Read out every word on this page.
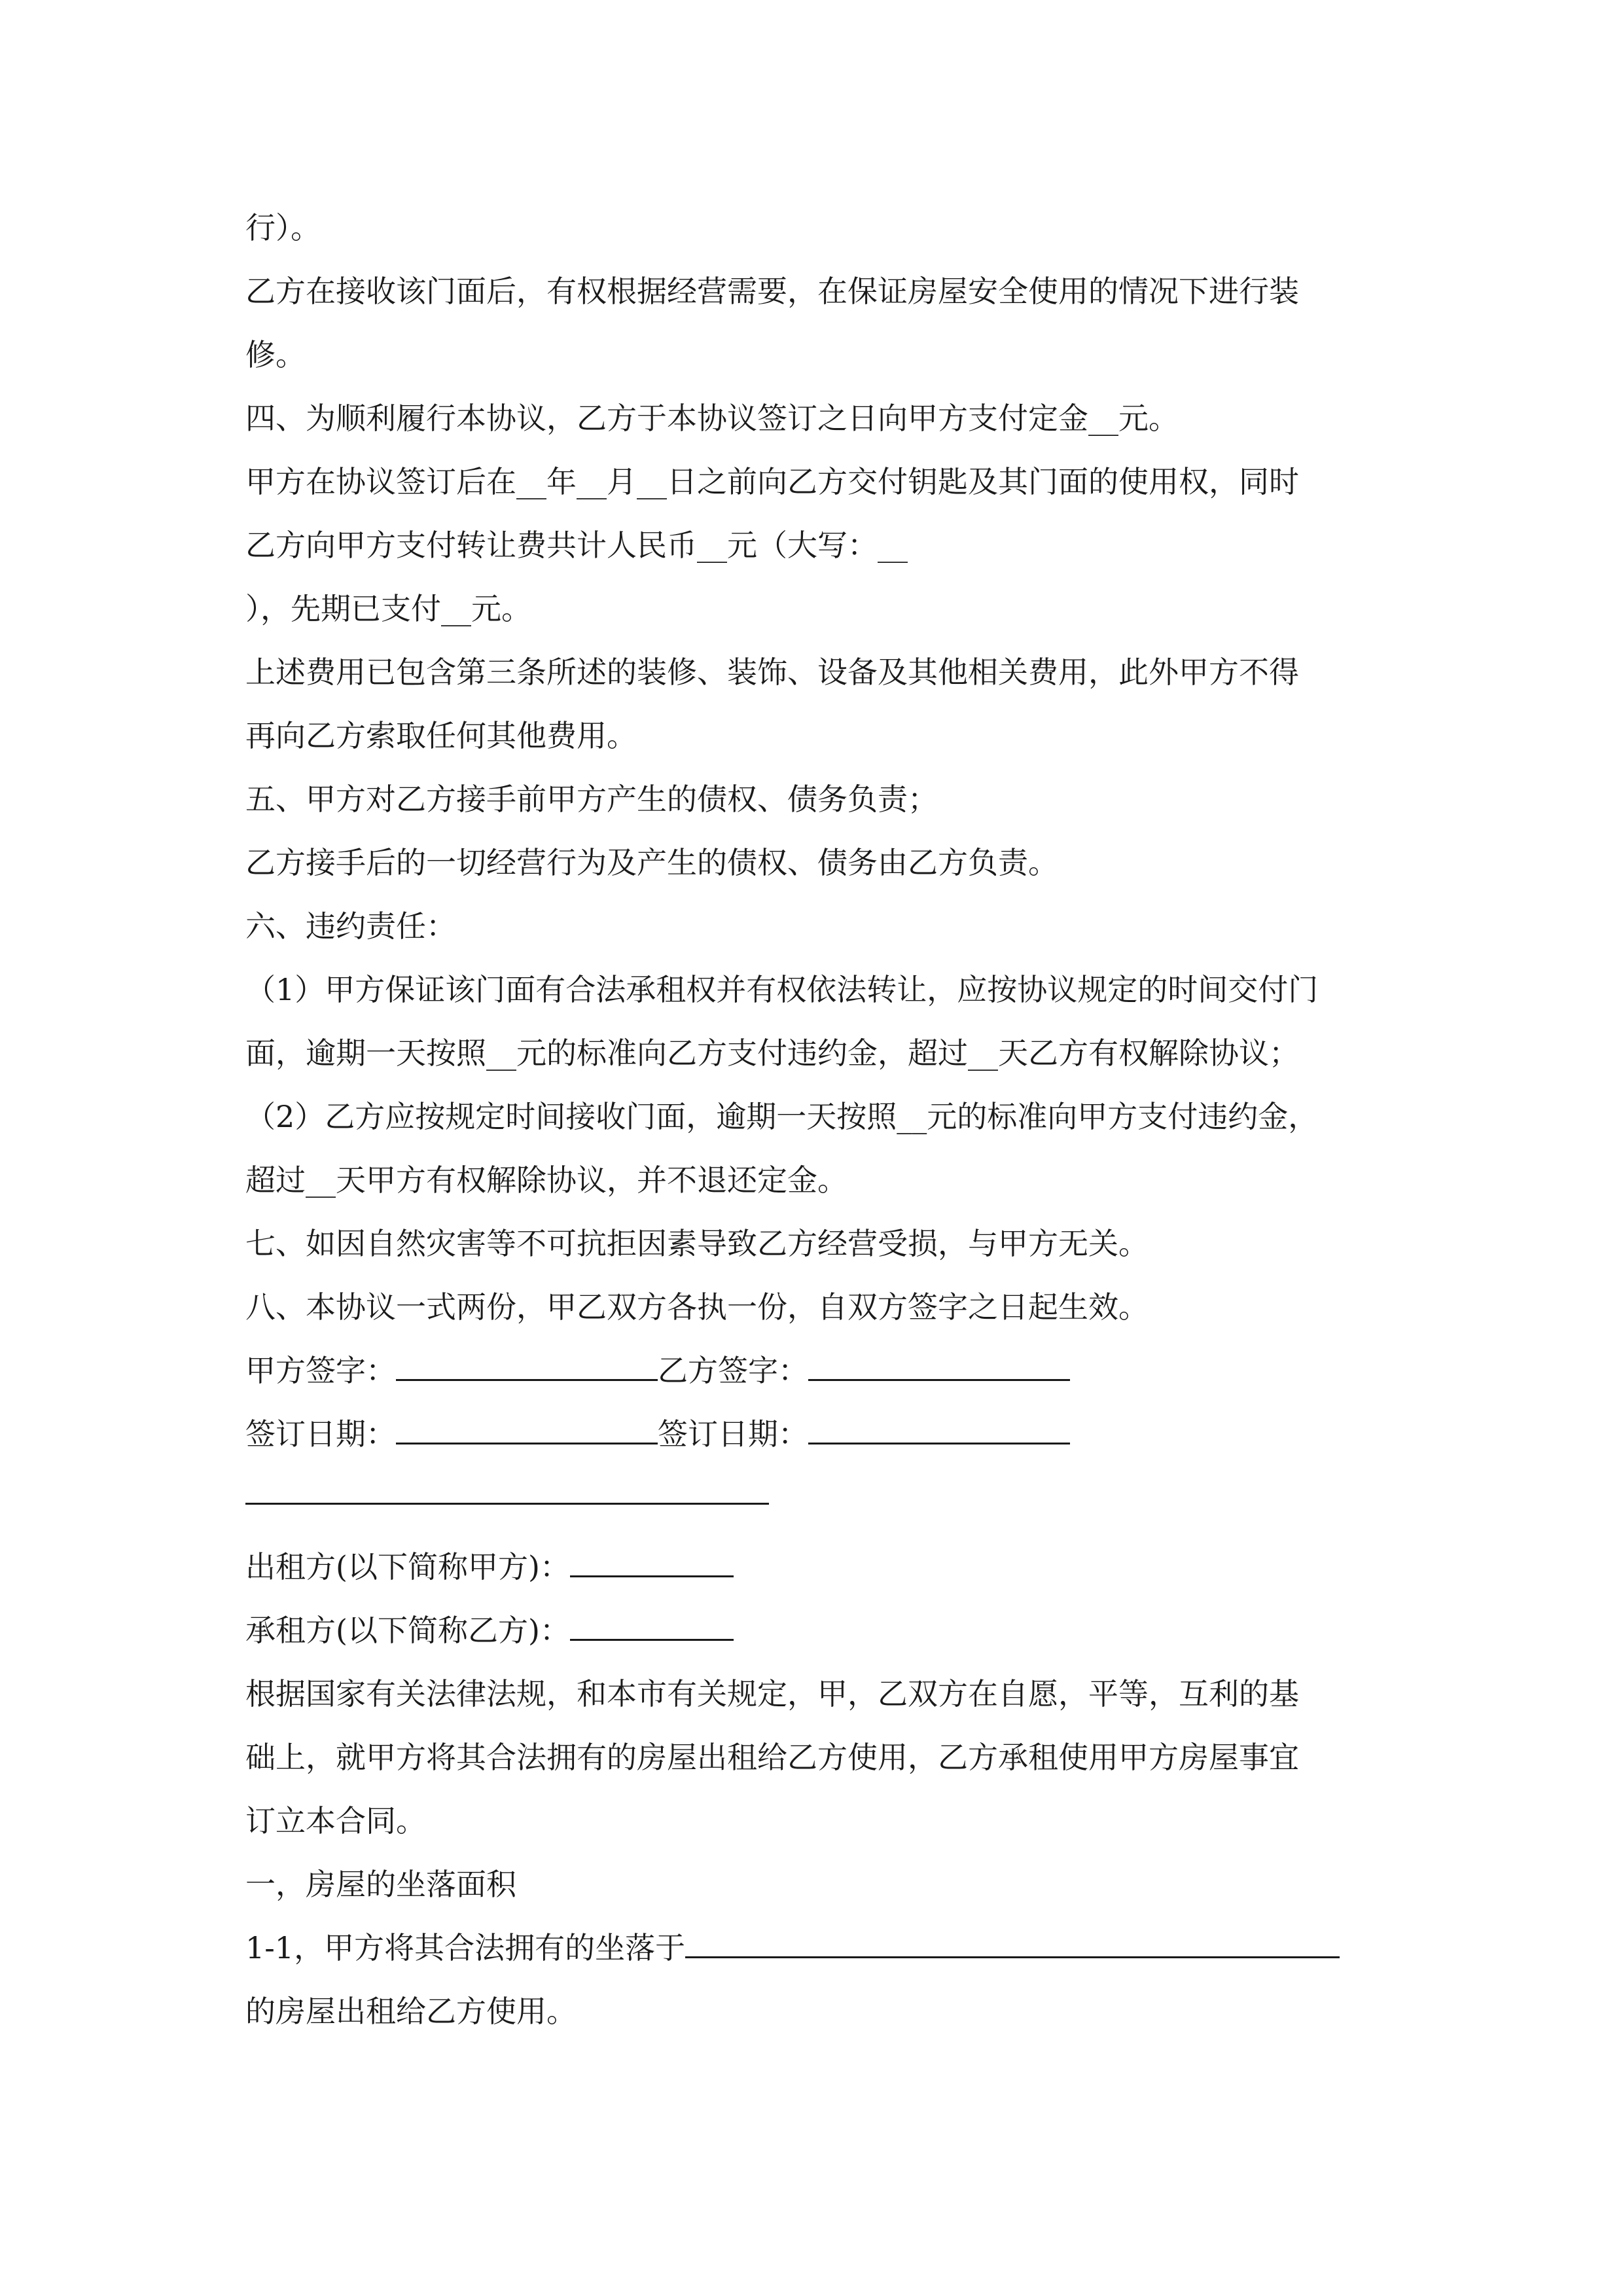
行）。

乙方在接收该门面后，有权根据经营需要，在保证房屋安全使用的情况下进行装

修。

四、为顺利履行本协议，乙方于本协议签订之日向甲方支付定金__元。

甲方在协议签订后在__年__月__日之前向乙方交付钥匙及其门面的使用权，同时

乙方向甲方支付转让费共计人民币__元（大写：__

），先期已支付__元。

上述费用已包含第三条所述的装修、装饰、设备及其他相关费用，此外甲方不得

再向乙方索取任何其他费用。

五、甲方对乙方接手前甲方产生的债权、债务负责；

乙方接手后的一切经营行为及产生的债权、债务由乙方负责。

六、违约责任：

（1）甲方保证该门面有合法承租权并有权依法转让，应按协议规定的时间交付门

面，逾期一天按照__元的标准向乙方支付违约金，超过__天乙方有权解除协议；

（2）乙方应按规定时间接收门面，逾期一天按照__元的标准向甲方支付违约金，

超过__天甲方有权解除协议，并不退还定金。

七、如因自然灾害等不可抗拒因素导致乙方经营受损，与甲方无关。

八、本协议一式两份，甲乙双方各执一份，自双方签字之日起生效。

甲方签字：	乙方签字：

签订日期：	签订日期：

出租方(以下简称甲方)：

承租方(以下简称乙方)：

根据国家有关法律法规，和本市有关规定，甲，乙双方在自愿，平等，互利的基

础上，就甲方将其合法拥有的房屋出租给乙方使用，乙方承租使用甲方房屋事宜

订立本合同。

一，房屋的坐落面积

1-1，甲方将其合法拥有的坐落于

的房屋出租给乙方使用。
